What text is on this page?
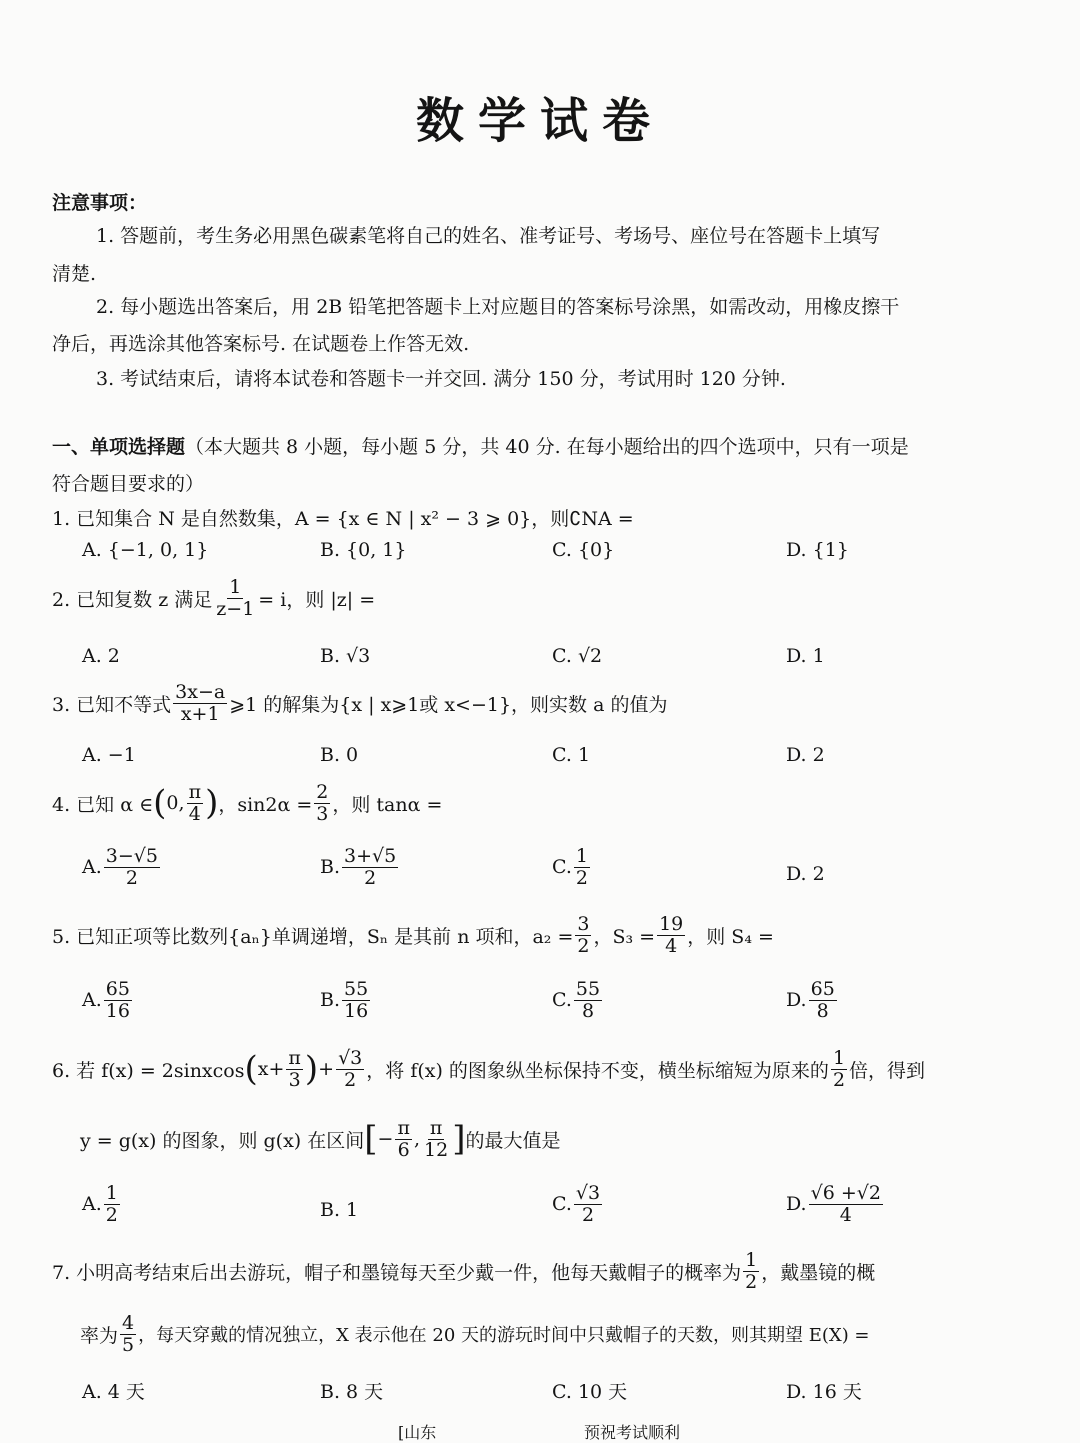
数学试卷
注意事项：
1. 答题前，考生务必用黑色碳素笔将自己的姓名、准考证号、考场号、座位号在答题卡上填写
清楚.
2. 每小题选出答案后，用 2B 铅笔把答题卡上对应题目的答案标号涂黑，如需改动，用橡皮擦干
净后，再选涂其他答案标号. 在试题卷上作答无效.
3. 考试结束后，请将本试卷和答题卡一并交回. 满分 150 分，考试用时 120 分钟.
一、单项选择题（本大题共 8 小题，每小题 5 分，共 40 分. 在每小题给出的四个选项中，只有一项是
符合题目要求的）
1. 已知集合 N 是自然数集，A = {x ∈ N | x² − 3 ⩾ 0}，则∁NA =
A. {−1, 0, 1}	B. {0, 1}	C. {0}	D. {1}
2. 已知复数 z 满足 $\frac{1}{z-1} = i$，则 |z| =
A. 2	B. √3	C. √2	D. 1
3. 已知不等式 $\frac{3x-a}{x+1}$ ⩾1 的解集为{x | x⩾1或 x<−1}，则实数 a 的值为
A. −1	B. 0	C. 1	D. 2
4. 已知 α ∈ ( 0, $\frac{\pi}{4}$ ) ，$\sin 2\alpha = \frac{2}{3}$ ，则 tanα =
A. $\frac{3-√5}{2}$	B. $\frac{3+√5}{2}$	C. $\frac{1}{2}$	D. 2
5. 已知正项等比数列{aₙ}单调递增，Sₙ 是其前 n 项和，$a_2 = \frac{3}{2}$ ，$S_3 = \frac{19}{4}$ ，则 S₄ =
A. $\frac{65}{16}$	B. $\frac{55}{16}$	C. $\frac{55}{8}$	D. $\frac{65}{8}$
6. 若 f(x) = 2sinxcos ( $x+ \frac{\pi}{3}$ ) + $\frac{√3}{2}$ ，将 f(x) 的图象纵坐标保持不变，横坐标缩短为原来的 $\frac{1}{2}$ 倍，得到
y = g(x) 的图象，则 g(x) 在区间 [ − $\frac{\pi}{6}$ , $\frac{\pi}{12}$ ] 的最大值是
A. $\frac{1}{2}$	B. 1	C. $\frac{√3}{2}$	D. $\frac{√6 +√2}{4}$
7. 小明高考结束后出去游玩，帽子和墨镜每天至少戴一件，他每天戴帽子的概率为 $\frac{1}{2}$ ，戴墨镜的概
率为 $\frac{4}{5}$ ，每天穿戴的情况独立，X 表示他在 20 天的游玩时间中只戴帽子的天数，则其期望 E(X) =
A. 4 天	B. 8 天	C. 10 天	D. 16 天
[山东	预祝考试顺利
